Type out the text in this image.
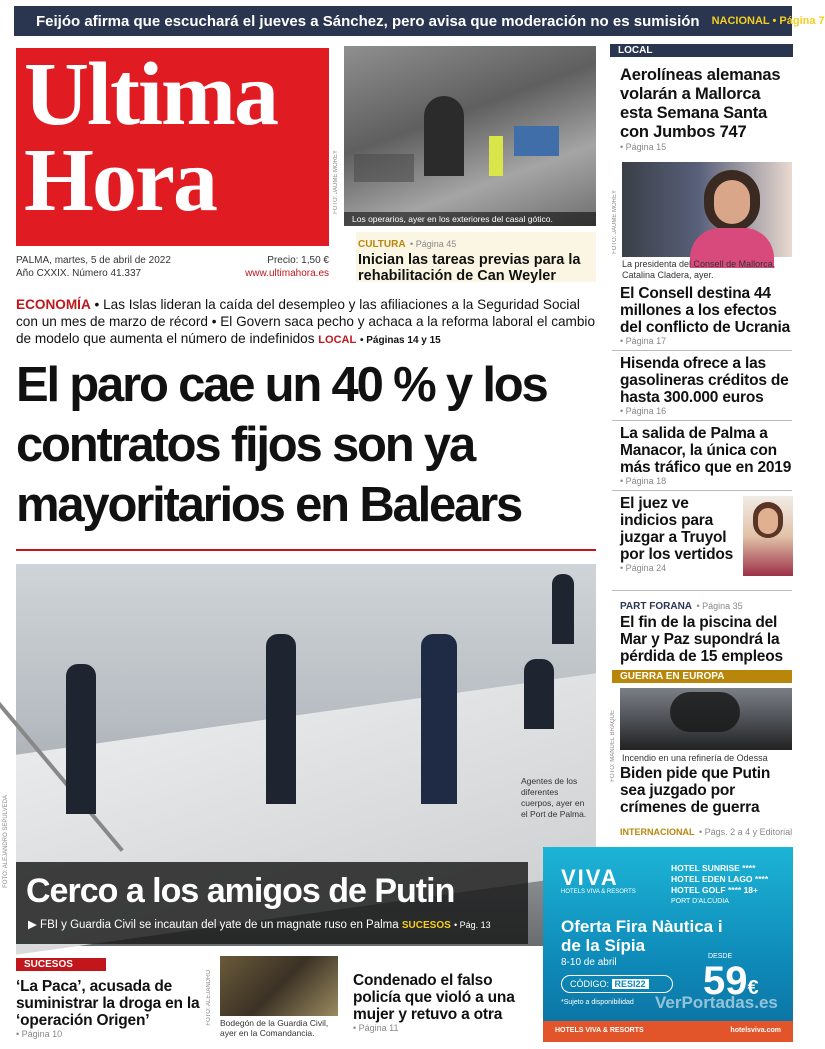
Feijóo afirma que escuchará el jueves a Sánchez, pero avisa que moderación no es sumisión NACIONAL • Página 7
Ultima
Hora
PALMA, martes, 5 de abril de 2022	Precio: 1,50 €
Año CXXIX. Número 41.337	www.ultimahora.es
Los operarios, ayer en los exteriores del casal gótico.
FOTO: JAUME MOREY
CULTURA • Página 45
Inician las tareas previas para la rehabilitación de Can Weyler
ECONOMÍA • Las Islas lideran la caída del desempleo y las afiliaciones a la Seguridad Social con un mes de marzo de récord • El Govern saca pecho y achaca a la reforma laboral el cambio de modelo que aumenta el número de indefinidos LOCAL • Páginas 14 y 15
El paro cae un 40 % y los contratos fijos son ya mayoritarios en Balears
Agentes de los diferentes cuerpos, ayer en el Port de Palma.
Cerco a los amigos de Putin
▶ FBI y Guardia Civil se incautan del yate de un magnate ruso en Palma SUCESOS • Pág. 13
FOTO: ALEJANDRO SEPÚLVEDA
SUCESOS
‘La Paca’, acusada de suministrar la droga en la ‘operación Origen’
• Página 10
FOTO: ALEJANDRO Bodegón de la Guardia Civil, ayer en la Comandancia.
Condenado el falso policía que violó a una mujer y retuvo a otra
• Página 11
LOCAL
Aerolíneas alemanas volarán a Mallorca esta Semana Santa con Jumbos 747
• Página 15
FOTO: JAUME MOREY
La presidenta del Consell de Mallorca, Catalina Cladera, ayer.
El Consell destina 44 millones a los efectos del conflicto de Ucrania
• Página 17
Hisenda ofrece a las gasolineras créditos de hasta 300.000 euros
• Página 16
La salida de Palma a Manacor, la única con más tráfico que en 2019
• Página 18
El juez ve indicios para juzgar a Truyol por los vertidos
• Página 24
PART FORANA • Página 35
El fin de la piscina del Mar y Paz supondrá la pérdida de 15 empleos
GUERRA EN EUROPA
FOTO: MANUEL BRAQUE Incendio en una refinería de Odessa
Biden pide que Putin sea juzgado por crímenes de guerra
INTERNACIONAL • Págs. 2 a 4 y Editorial
VIVA
HOTELS VIVA & RESORTS
HOTEL SUNRISE ****
HOTEL EDEN LAGO ****
HOTEL GOLF **** 18+
PORT D'ALCÚDIA
Oferta Fira Nàutica i de la Sípia
8-10 de abril
CÓDIGO: RESI22
*Sujeto a disponibilidad
DESDE
59€
HOTELS VIVA & RESORTS	hotelsviva.com
VerPortadas.es
